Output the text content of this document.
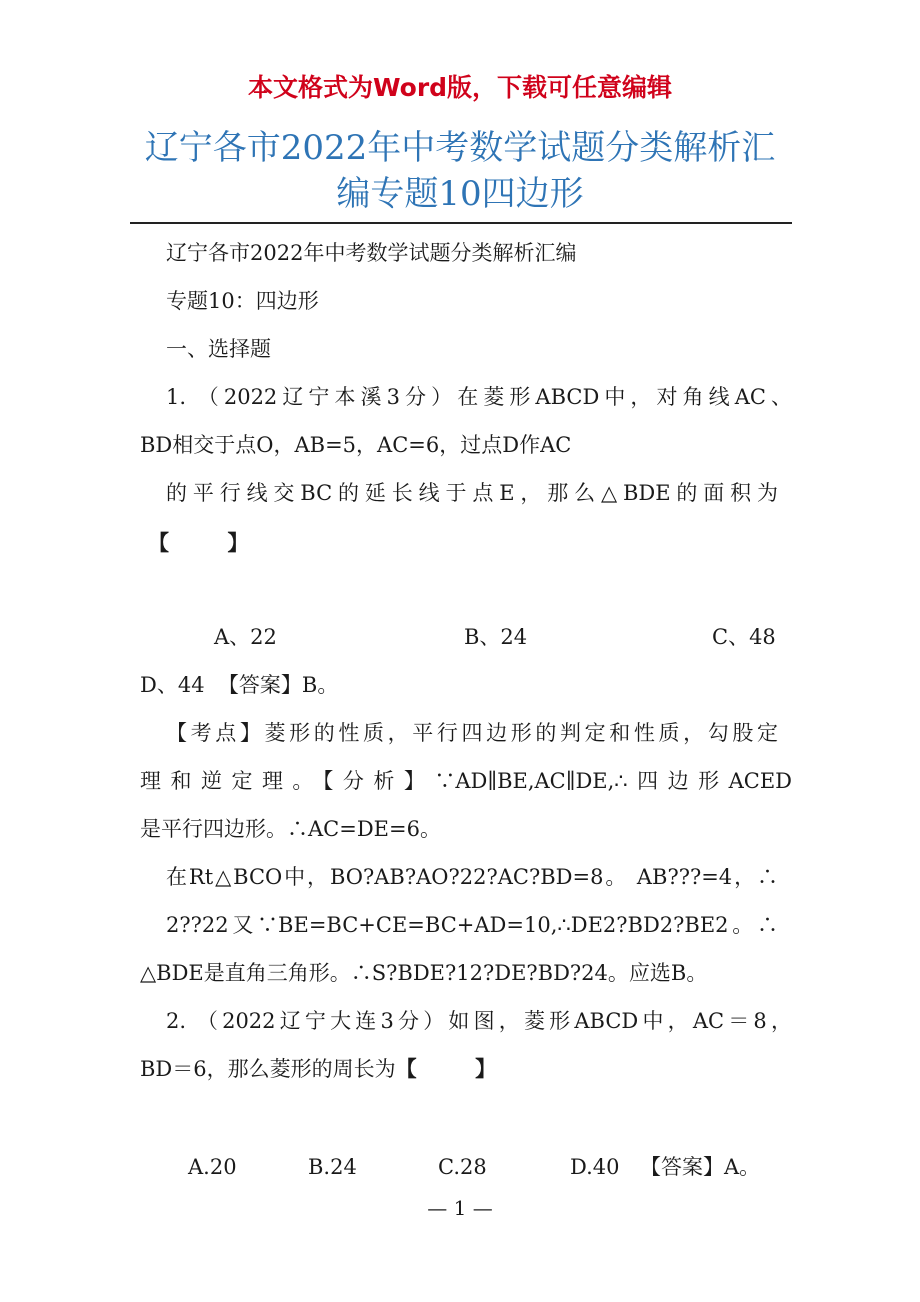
本文格式为Word版，下载可任意编辑
辽宁各市2022年中考数学试题分类解析汇
编专题10四边形
辽宁各市2022年中考数学试题分类解析汇编
专题10：四边形
一、选择题
1. （2022辽宁本溪3分）在菱形ABCD中，对角线AC、
BD相交于点O，AB=5，AC=6，过点D作AC
的平行线交BC的延长线于点E，那么△BDE的面积为
【        】
A、22	B、24	C、48
D、44 【答案】B。
【考点】菱形的性质，平行四边形的判定和性质，勾股定
理和逆定理。【分析】∵AD∥BE,AC∥DE,∴四边形ACED
是平行四边形。∴AC=DE=6。
在Rt△BCO中，BO?AB?AO?22?AC?BD=8。 AB???=4，∴
2??22又∵BE=BC+CE=BC+AD=10,∴DE2?BD2?BE2。∴
△BDE是直角三角形。∴S?BDE?12?DE?BD?24。应选B。
2. （2022辽宁大连3分）如图，菱形ABCD中，AC＝8，
BD＝6，那么菱形的周长为【        】
A.20	B.24	C.28	D.40 【答案】A。
— 1 —
